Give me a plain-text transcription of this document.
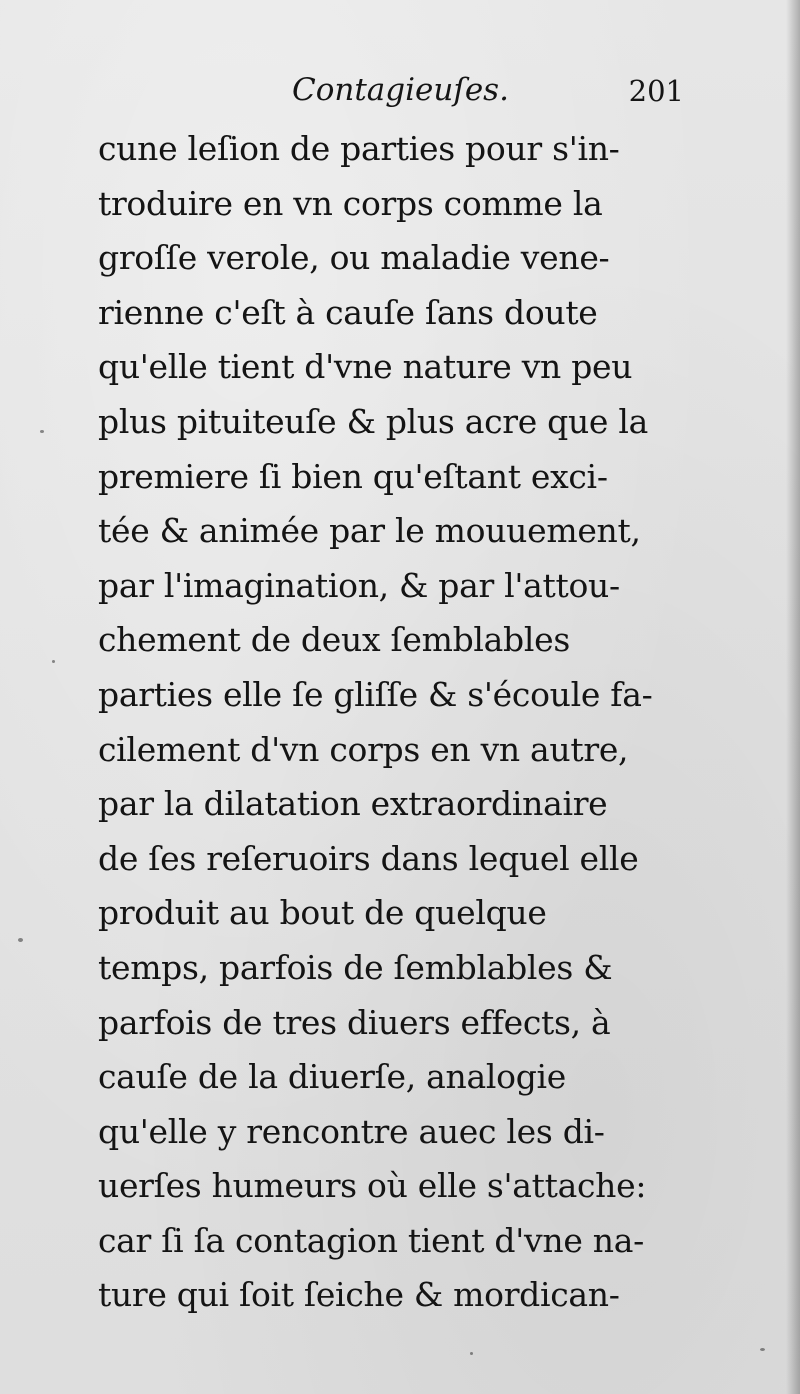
Contagieuſes.	201
cune leſion de parties pour s'in-
troduire en vn corps comme la
groſſe verole, ou maladie vene-
rienne c'eſt à cauſe ſans doute
qu'elle tient d'vne nature vn peu
plus pituiteuſe & plus acre que la
premiere ſi bien qu'eſtant exci-
tée & animée par le mouuement,
par l'imagination, & par l'attou-
chement de deux ſemblables
parties elle ſe gliſſe & s'écoule fa-
cilement d'vn corps en vn autre,
par la dilatation extraordinaire
de ſes reſeruoirs dans lequel elle
produit au bout de quelque
temps, parfois de ſemblables &
parfois de tres diuers effects, à
cauſe de la diuerſe, analogie
qu'elle y rencontre auec les di-
uerſes humeurs où elle s'attache:
car ſi ſa contagion tient d'vne na-
ture qui ſoit ſeiche & mordican-
